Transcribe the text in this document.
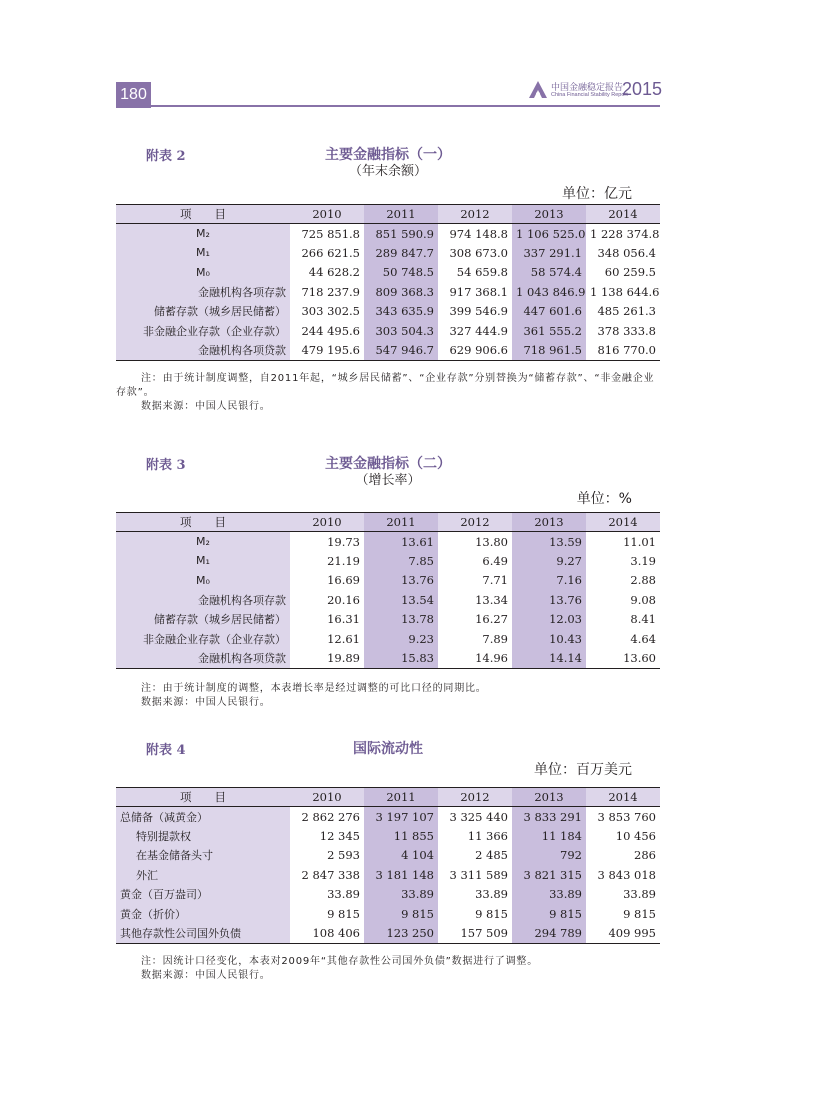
180	中国金融稳定报告
China Financial Stability Report
2015
附表 2	主要金融指标（一）
（年末余额）
单位：亿元
项　　目	2010	2011	2012	2013	2014
M₂	725 851.8	851 590.9	974 148.8	1 106 525.0	1 228 374.8
M₁	266 621.5	289 847.7	308 673.0	337 291.1	348 056.4
M₀	44 628.2	50 748.5	54 659.8	58 574.4	60 259.5
金融机构各项存款	718 237.9	809 368.3	917 368.1	1 043 846.9	1 138 644.6
储蓄存款（城乡居民储蓄）	303 302.5	343 635.9	399 546.9	447 601.6	485 261.3
非金融企业存款（企业存款）	244 495.6	303 504.3	327 444.9	361 555.2	378 333.8
金融机构各项贷款	479 195.6	547 946.7	629 906.6	718 961.5	816 770.0

注：由于统计制度调整，自2011年起，“城乡居民储蓄”、“企业存款”分别替换为“储蓄存款”、“非金融企业存款”。

数据来源：中国人民银行。

附表 3	主要金融指标（二）
（增长率）
单位：%
项　　目	2010	2011	2012	2013	2014
M₂	19.73	13.61	13.80	13.59	11.01
M₁	21.19	7.85	6.49	9.27	3.19
M₀	16.69	13.76	7.71	7.16	2.88
金融机构各项存款	20.16	13.54	13.34	13.76	9.08
储蓄存款（城乡居民储蓄）	16.31	13.78	16.27	12.03	8.41
非金融企业存款（企业存款）	12.61	9.23	7.89	10.43	4.64
金融机构各项贷款	19.89	15.83	14.96	14.14	13.60

注：由于统计制度的调整，本表增长率是经过调整的可比口径的同期比。

数据来源：中国人民银行。

附表 4	国际流动性
单位：百万美元
项　　目	2010	2011	2012	2013	2014
总储备（减黄金）	2 862 276	3 197 107	3 325 440	3 833 291	3 853 760
特别提款权	12 345	11 855	11 366	11 184	10 456
在基金储备头寸	2 593	4 104	2 485	792	286
外汇	2 847 338	3 181 148	3 311 589	3 821 315	3 843 018
黄金（百万盎司）	33.89	33.89	33.89	33.89	33.89
黄金（折价）	9 815	9 815	9 815	9 815	9 815
其他存款性公司国外负债	108 406	123 250	157 509	294 789	409 995

注：因统计口径变化，本表对2009年“其他存款性公司国外负债”数据进行了调整。

数据来源：中国人民银行。
